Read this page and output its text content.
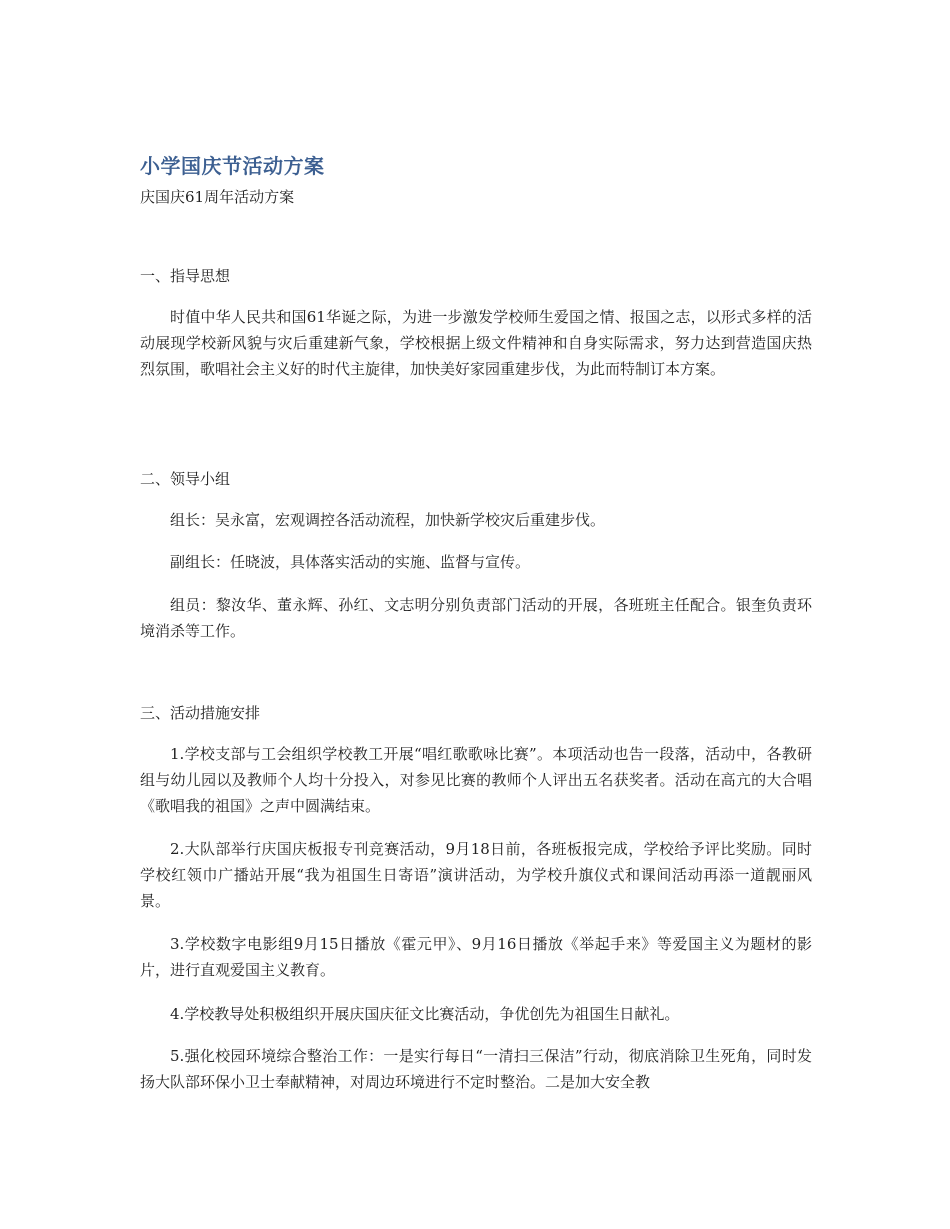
小学国庆节活动方案

庆国庆61周年活动方案

一、指导思想

时值中华人民共和国61华诞之际，为进一步激发学校师生爱国之情、报国之志，以形式多样的活动展现学校新风貌与灾后重建新气象，学校根据上级文件精神和自身实际需求，努力达到营造国庆热烈氛围，歌唱社会主义好的时代主旋律，加快美好家园重建步伐，为此而特制订本方案。

二、领导小组

组长：吴永富，宏观调控各活动流程，加快新学校灾后重建步伐。

副组长：任晓波，具体落实活动的实施、监督与宣传。

组员：黎汝华、董永辉、孙红、文志明分别负责部门活动的开展，各班班主任配合。银奎负责环境消杀等工作。

三、活动措施安排

1.学校支部与工会组织学校教工开展“唱红歌歌咏比赛”。本项活动也告一段落，活动中，各教研组与幼儿园以及教师个人均十分投入，对参见比赛的教师个人评出五名获奖者。活动在高亢的大合唱《歌唱我的祖国》之声中圆满结束。

2.大队部举行庆国庆板报专刊竞赛活动，9月18日前，各班板报完成，学校给予评比奖励。同时学校红领巾广播站开展“我为祖国生日寄语”演讲活动，为学校升旗仪式和课间活动再添一道靓丽风景。

3.学校数字电影组9月15日播放《霍元甲》、9月16日播放《举起手来》等爱国主义为题材的影片，进行直观爱国主义教育。

4.学校教导处积极组织开展庆国庆征文比赛活动，争优创先为祖国生日献礼。

5.强化校园环境综合整治工作：一是实行每日“一清扫三保洁”行动，彻底消除卫生死角，同时发扬大队部环保小卫士奉献精神，对周边环境进行不定时整治。二是加大安全教
